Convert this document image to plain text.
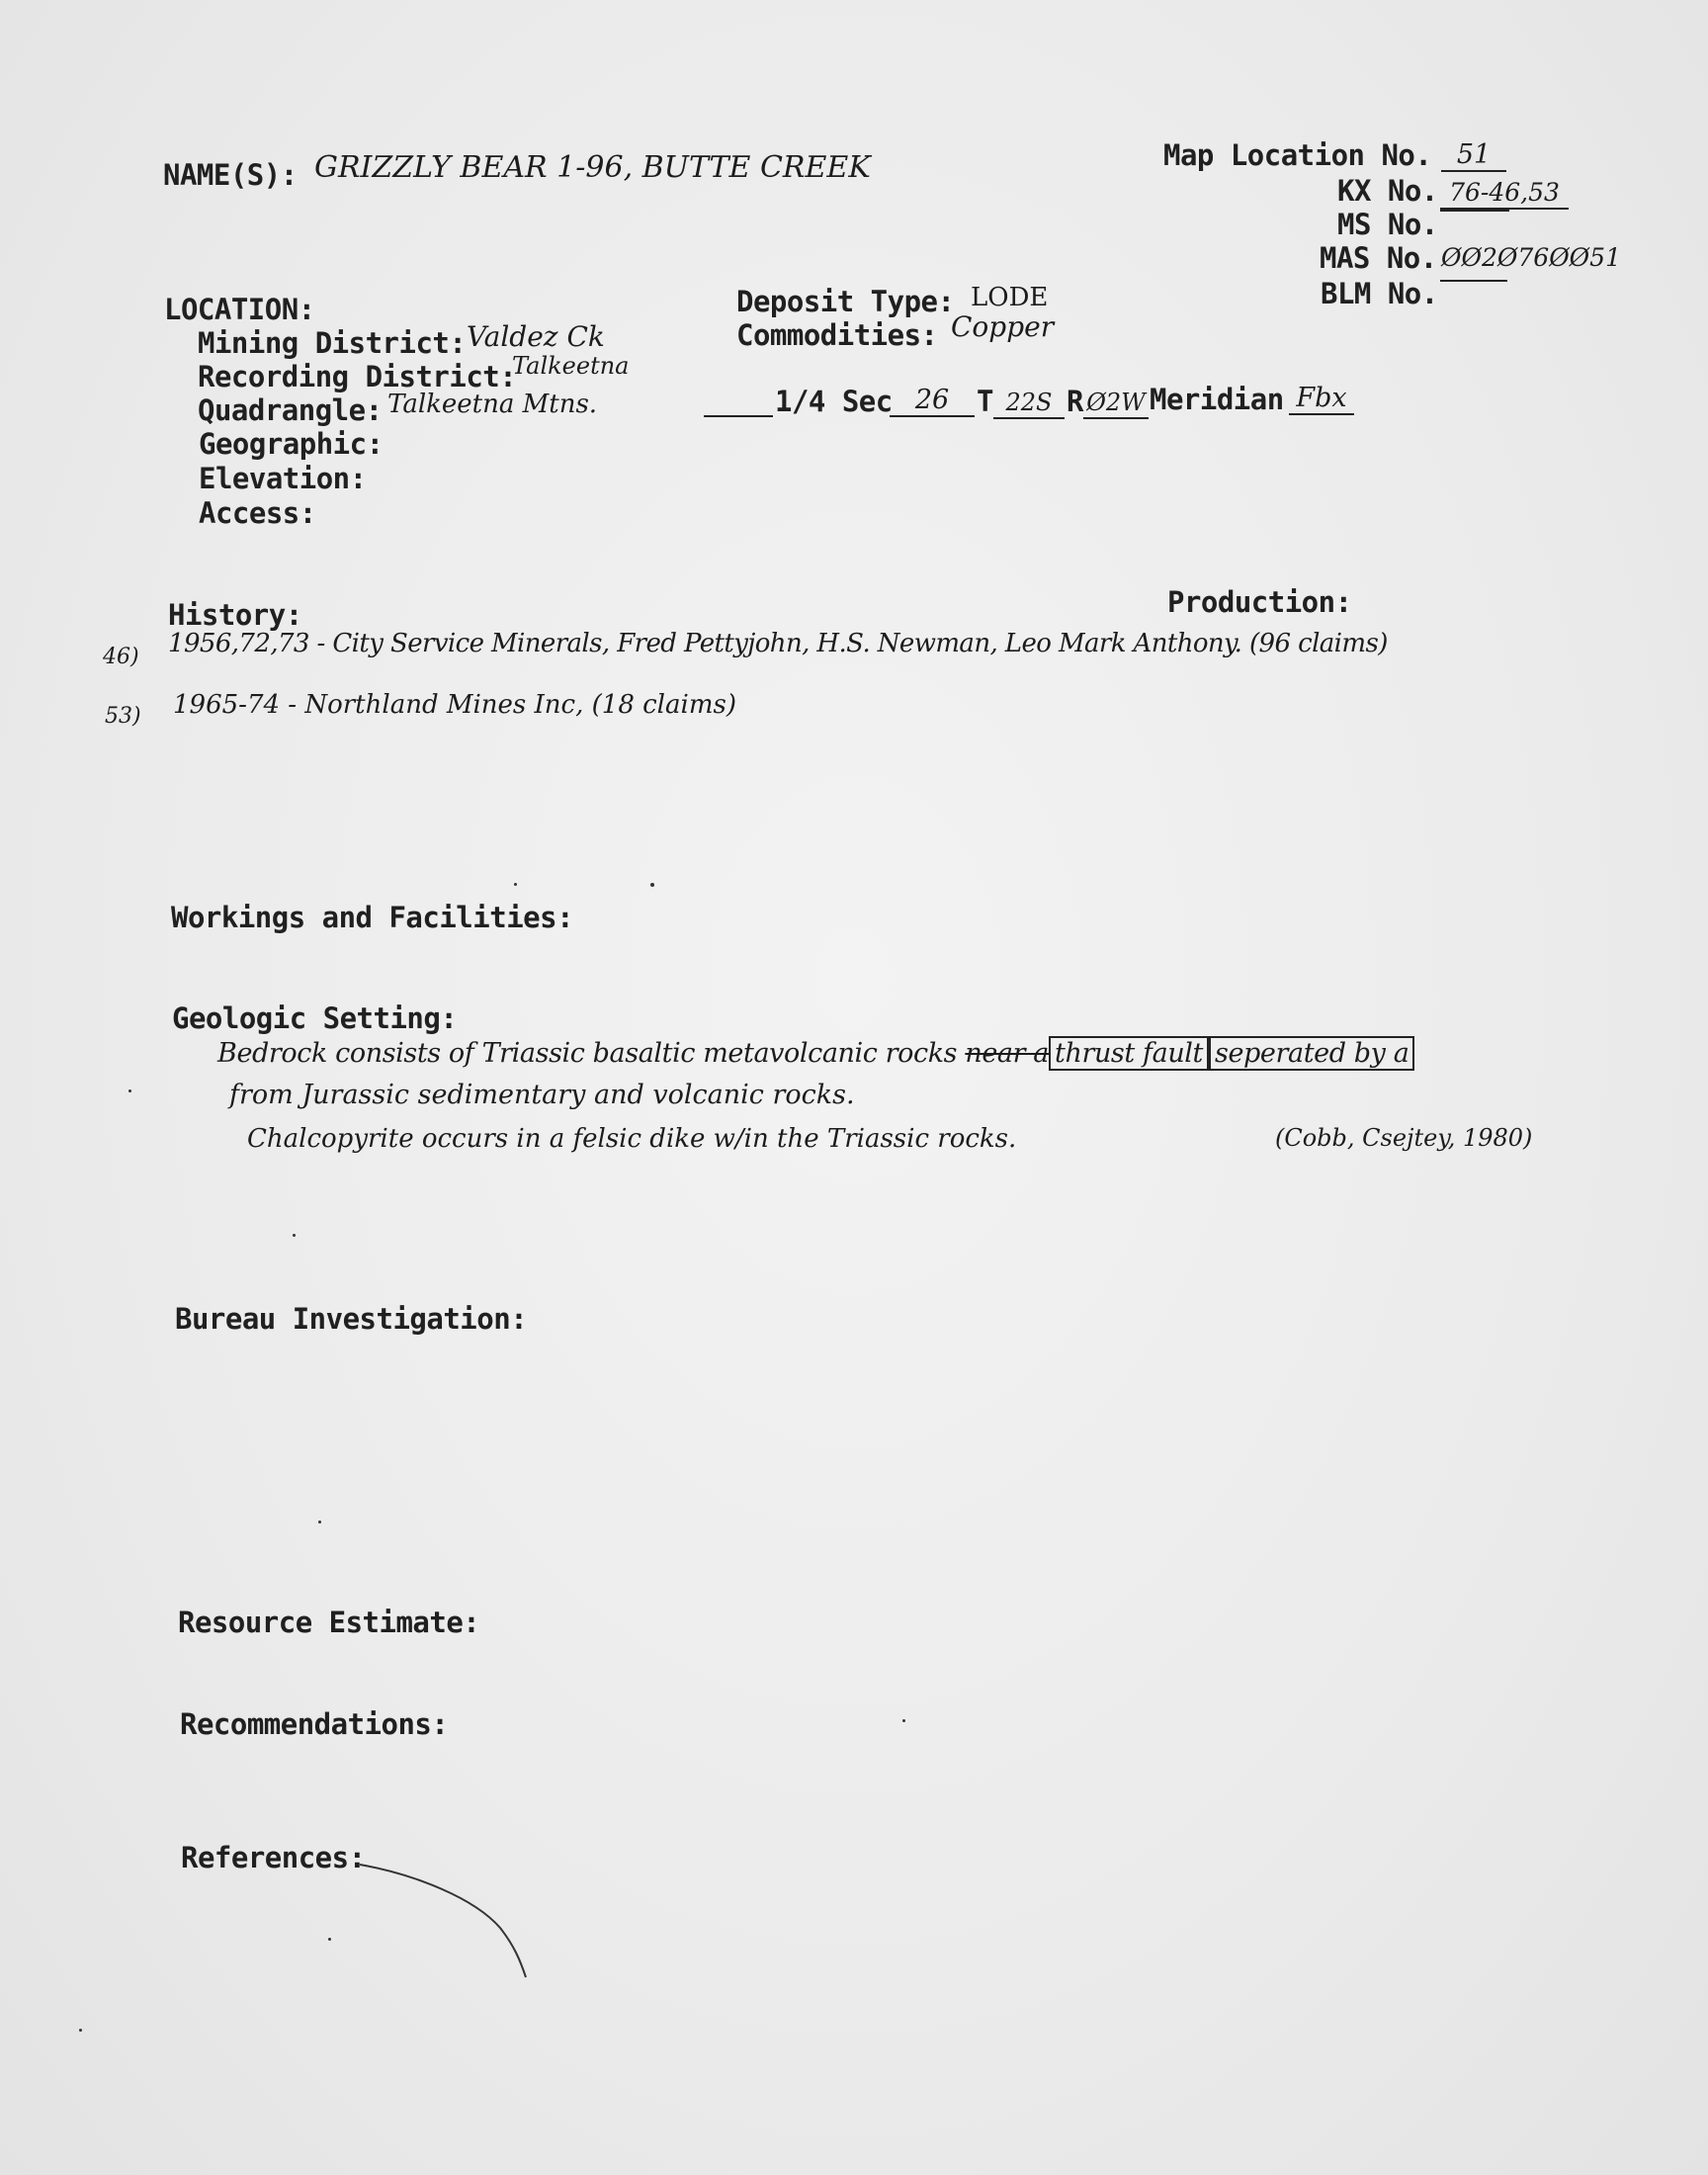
NAME(S): GRIZZLY BEAR 1-96, BUTTE CREEK	Map Location No. 51
KX No. 76-46,53
MS No.
MAS No. ØØ2Ø76ØØ51
BLM No.
LOCATION:
Mining District: Valdez Ck
Recording District:
Talkeetna
Quadrangle: Talkeetna Mtns.
Geographic:
Elevation:
Access:
Deposit Type: LODE
Commodities: Copper
1/4 Sec 26 T 22S R Ø2W Meridian Fbx
History:	Production:
46) 1956,72,73 - City Service Minerals, Fred Pettyjohn, H.S. Newman, Leo Mark Anthony. (96 claims)
53) 1965-74 - Northland Mines Inc, (18 claims)
Workings and Facilities:
Geologic Setting:
Bedrock consists of Triassic basaltic metavolcanic rocks near a thrust fault seperated by a
from Jurassic sedimentary and volcanic rocks.
Chalcopyrite occurs in a felsic dike w/in the Triassic rocks.	(Cobb, Csejtey, 1980)
Bureau Investigation:
Resource Estimate:
Recommendations:
References:
